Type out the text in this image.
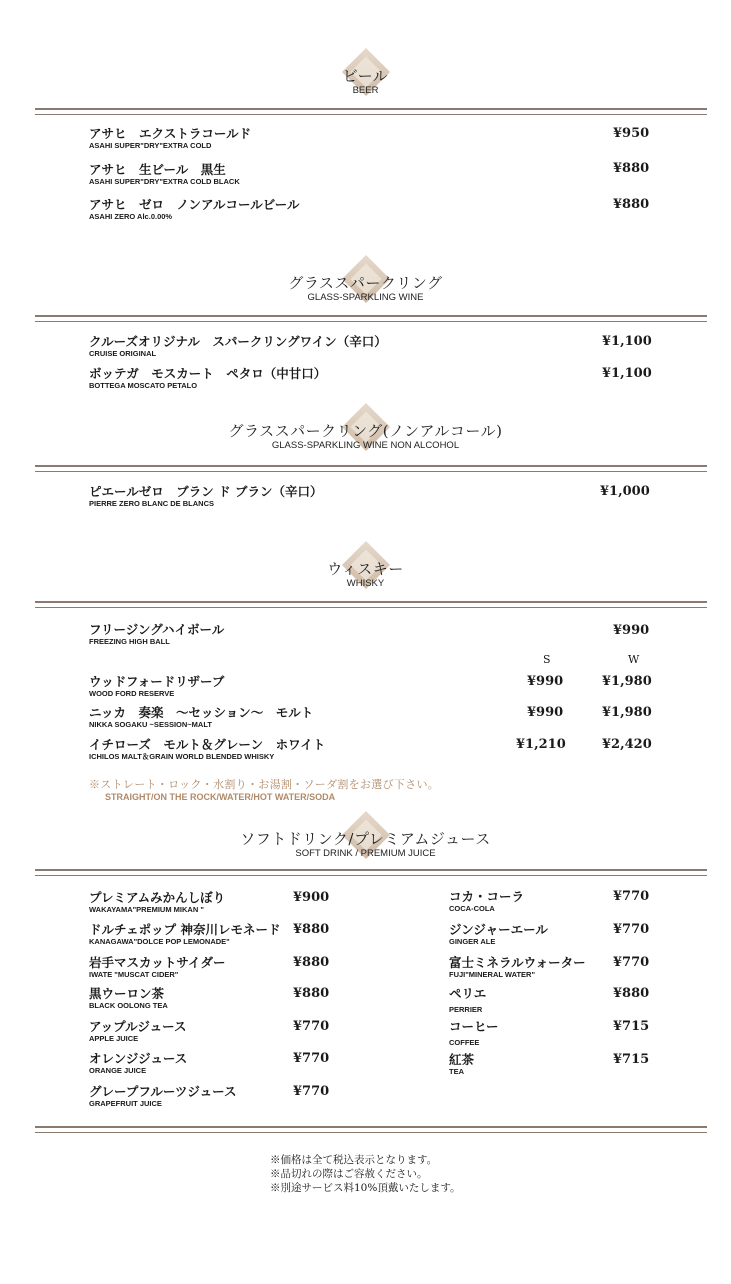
ビール
BEER
アサヒ　エクストラコールド
ASAHI SUPER"DRY"EXTRA COLD
¥950
アサヒ　生ビール　黒生
ASAHI SUPER"DRY"EXTRA COLD BLACK
¥880
アサヒ　ゼロ　ノンアルコールビール
ASAHI ZERO Alc.0.00%
¥880
グラススパークリング
GLASS-SPARKLING WINE
クルーズオリジナル　スパークリングワイン（辛口）
CRUISE ORIGINAL
¥1,100
ボッテガ　モスカート　ペタロ（中甘口）
BOTTEGA MOSCATO PETALO
¥1,100
グラススパークリング(ノンアルコール)
GLASS-SPARKLING WINE NON ALCOHOL
ピエールゼロ　ブラン ド ブラン（辛口）
PIERRE ZERO BLANC DE BLANCS
¥1,000
ウィスキー
WHISKY
フリージングハイボール
FREEZING HIGH BALL
¥990
S	W
ウッドフォードリザーブ
WOOD FORD RESERVE
¥990	¥1,980
ニッカ　奏楽　〜セッション〜　モルト
NIKKA SOGAKU ~SESSION~MALT
¥990	¥1,980
イチローズ　モルト＆グレーン　ホワイト
ICHILOS MALT＆GRAIN WORLD BLENDED WHISKY
¥1,210	¥2,420
※ストレート・ロック・水割り・お湯割・ソーダ割をお選び下さい。
STRAIGHT/ON THE ROCK/WATER/HOT WATER/SODA
ソフトドリンク/プレミアムジュース
SOFT DRINK / PREMIUM JUICE
プレミアムみかんしぼり
WAKAYAMA"PREMIUM MIKAN "
¥900
ドルチェポップ 神奈川レモネード
KANAGAWA"DOLCE POP LEMONADE"
¥880
岩手マスカットサイダー
IWATE "MUSCAT CIDER"
¥880
黒ウーロン茶
BLACK OOLONG TEA
¥880
アップルジュース
APPLE JUICE
¥770
オレンジジュース
ORANGE JUICE
¥770
グレープフルーツジュース
GRAPEFRUIT JUICE
¥770
コカ・コーラ
COCA-COLA
¥770
ジンジャーエール
GINGER ALE
¥770
富士ミネラルウォーター
FUJI"MINERAL WATER"
¥770
ペリエ
PERRIER
¥880
コーヒー
COFFEE
¥715
紅茶
TEA
¥715
※価格は全て税込表示となります。
※品切れの際はご容赦ください。
※別途サービス料10%頂戴いたします。
